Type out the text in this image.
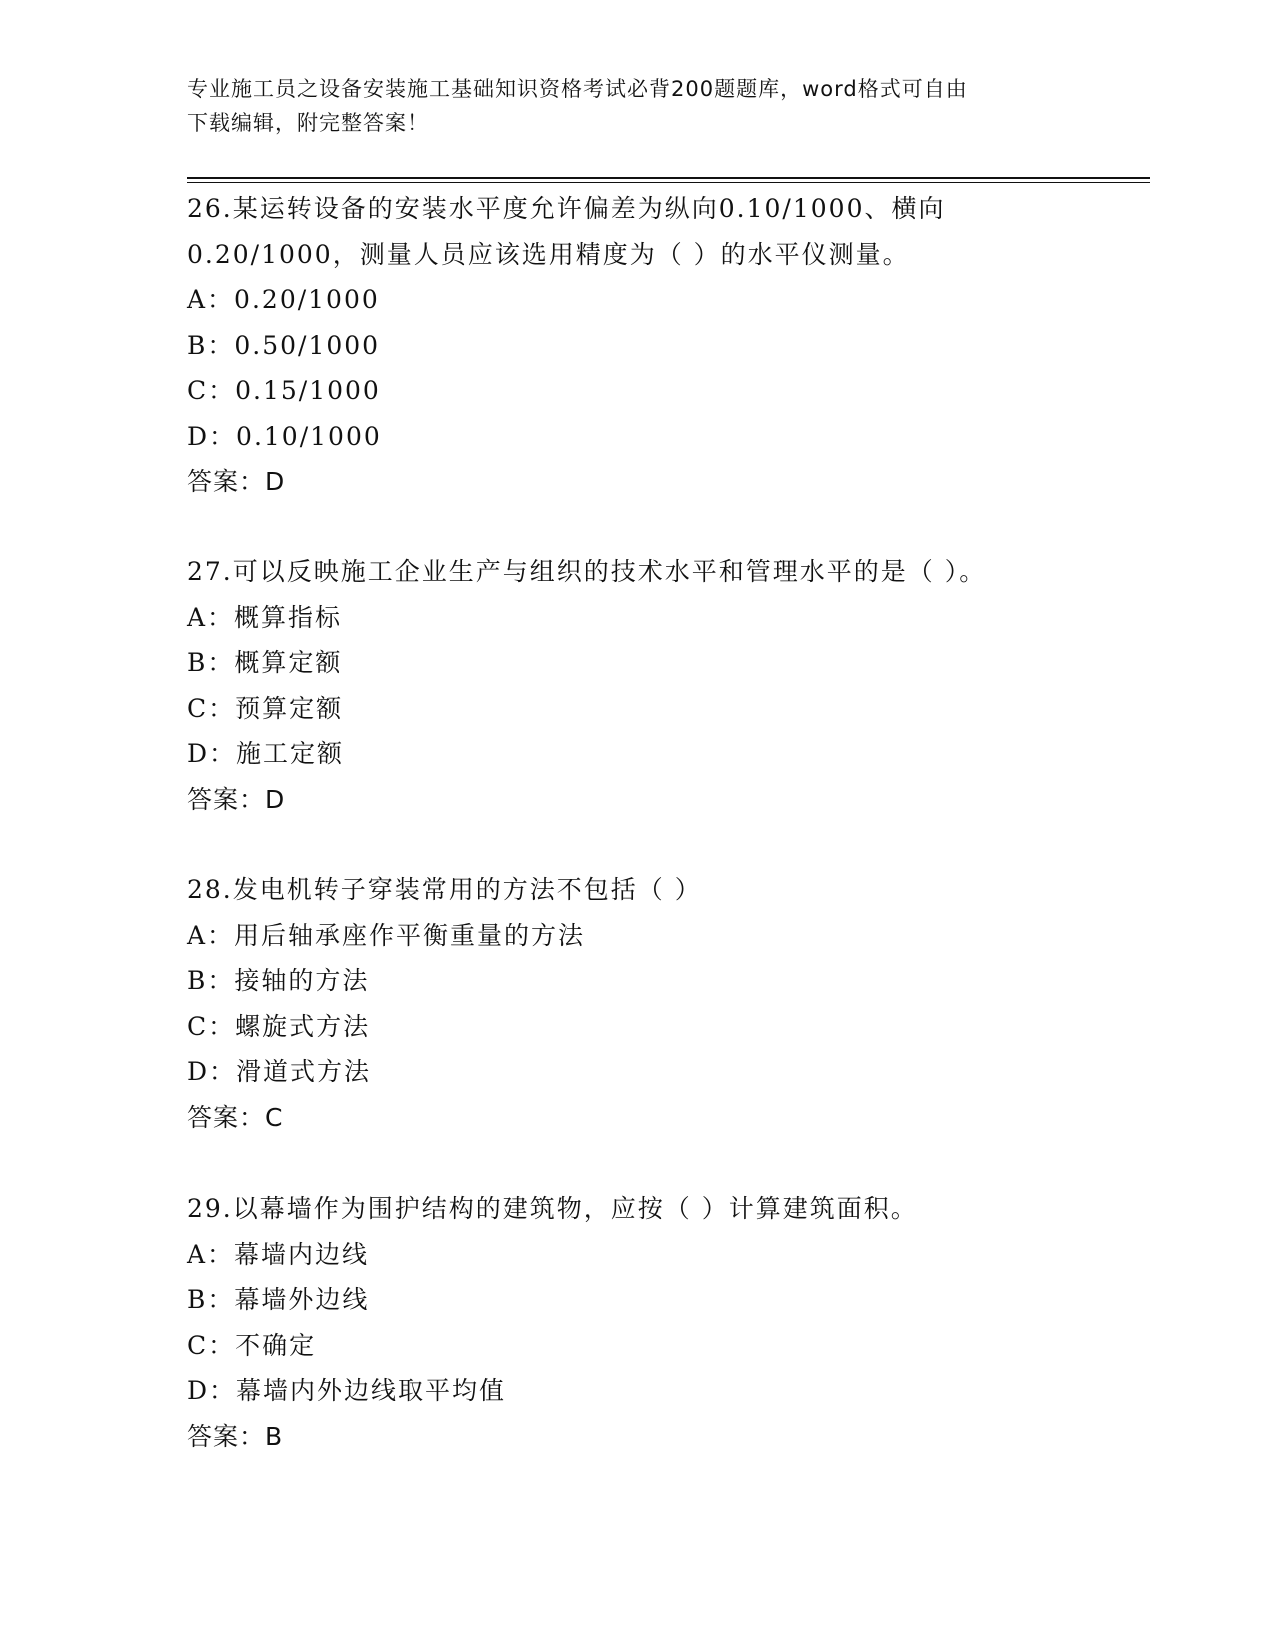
专业施工员之设备安装施工基础知识资格考试必背200题题库，word格式可自由
下载编辑，附完整答案！
26.某运转设备的安装水平度允许偏差为纵向0.10/1000、横向
0.20/1000，测量人员应该选用精度为（ ）的水平仪测量。
A：0.20/1000
B：0.50/1000
C：0.15/1000
D：0.10/1000
答案：D
27.可以反映施工企业生产与组织的技术水平和管理水平的是（ ）。
A：概算指标
B：概算定额
C：预算定额
D：施工定额
答案：D
28.发电机转子穿装常用的方法不包括（ ）
A：用后轴承座作平衡重量的方法
B：接轴的方法
C：螺旋式方法
D：滑道式方法
答案：C
29.以幕墙作为围护结构的建筑物，应按（ ）计算建筑面积。
A：幕墙内边线
B：幕墙外边线
C：不确定
D：幕墙内外边线取平均值
答案：B
